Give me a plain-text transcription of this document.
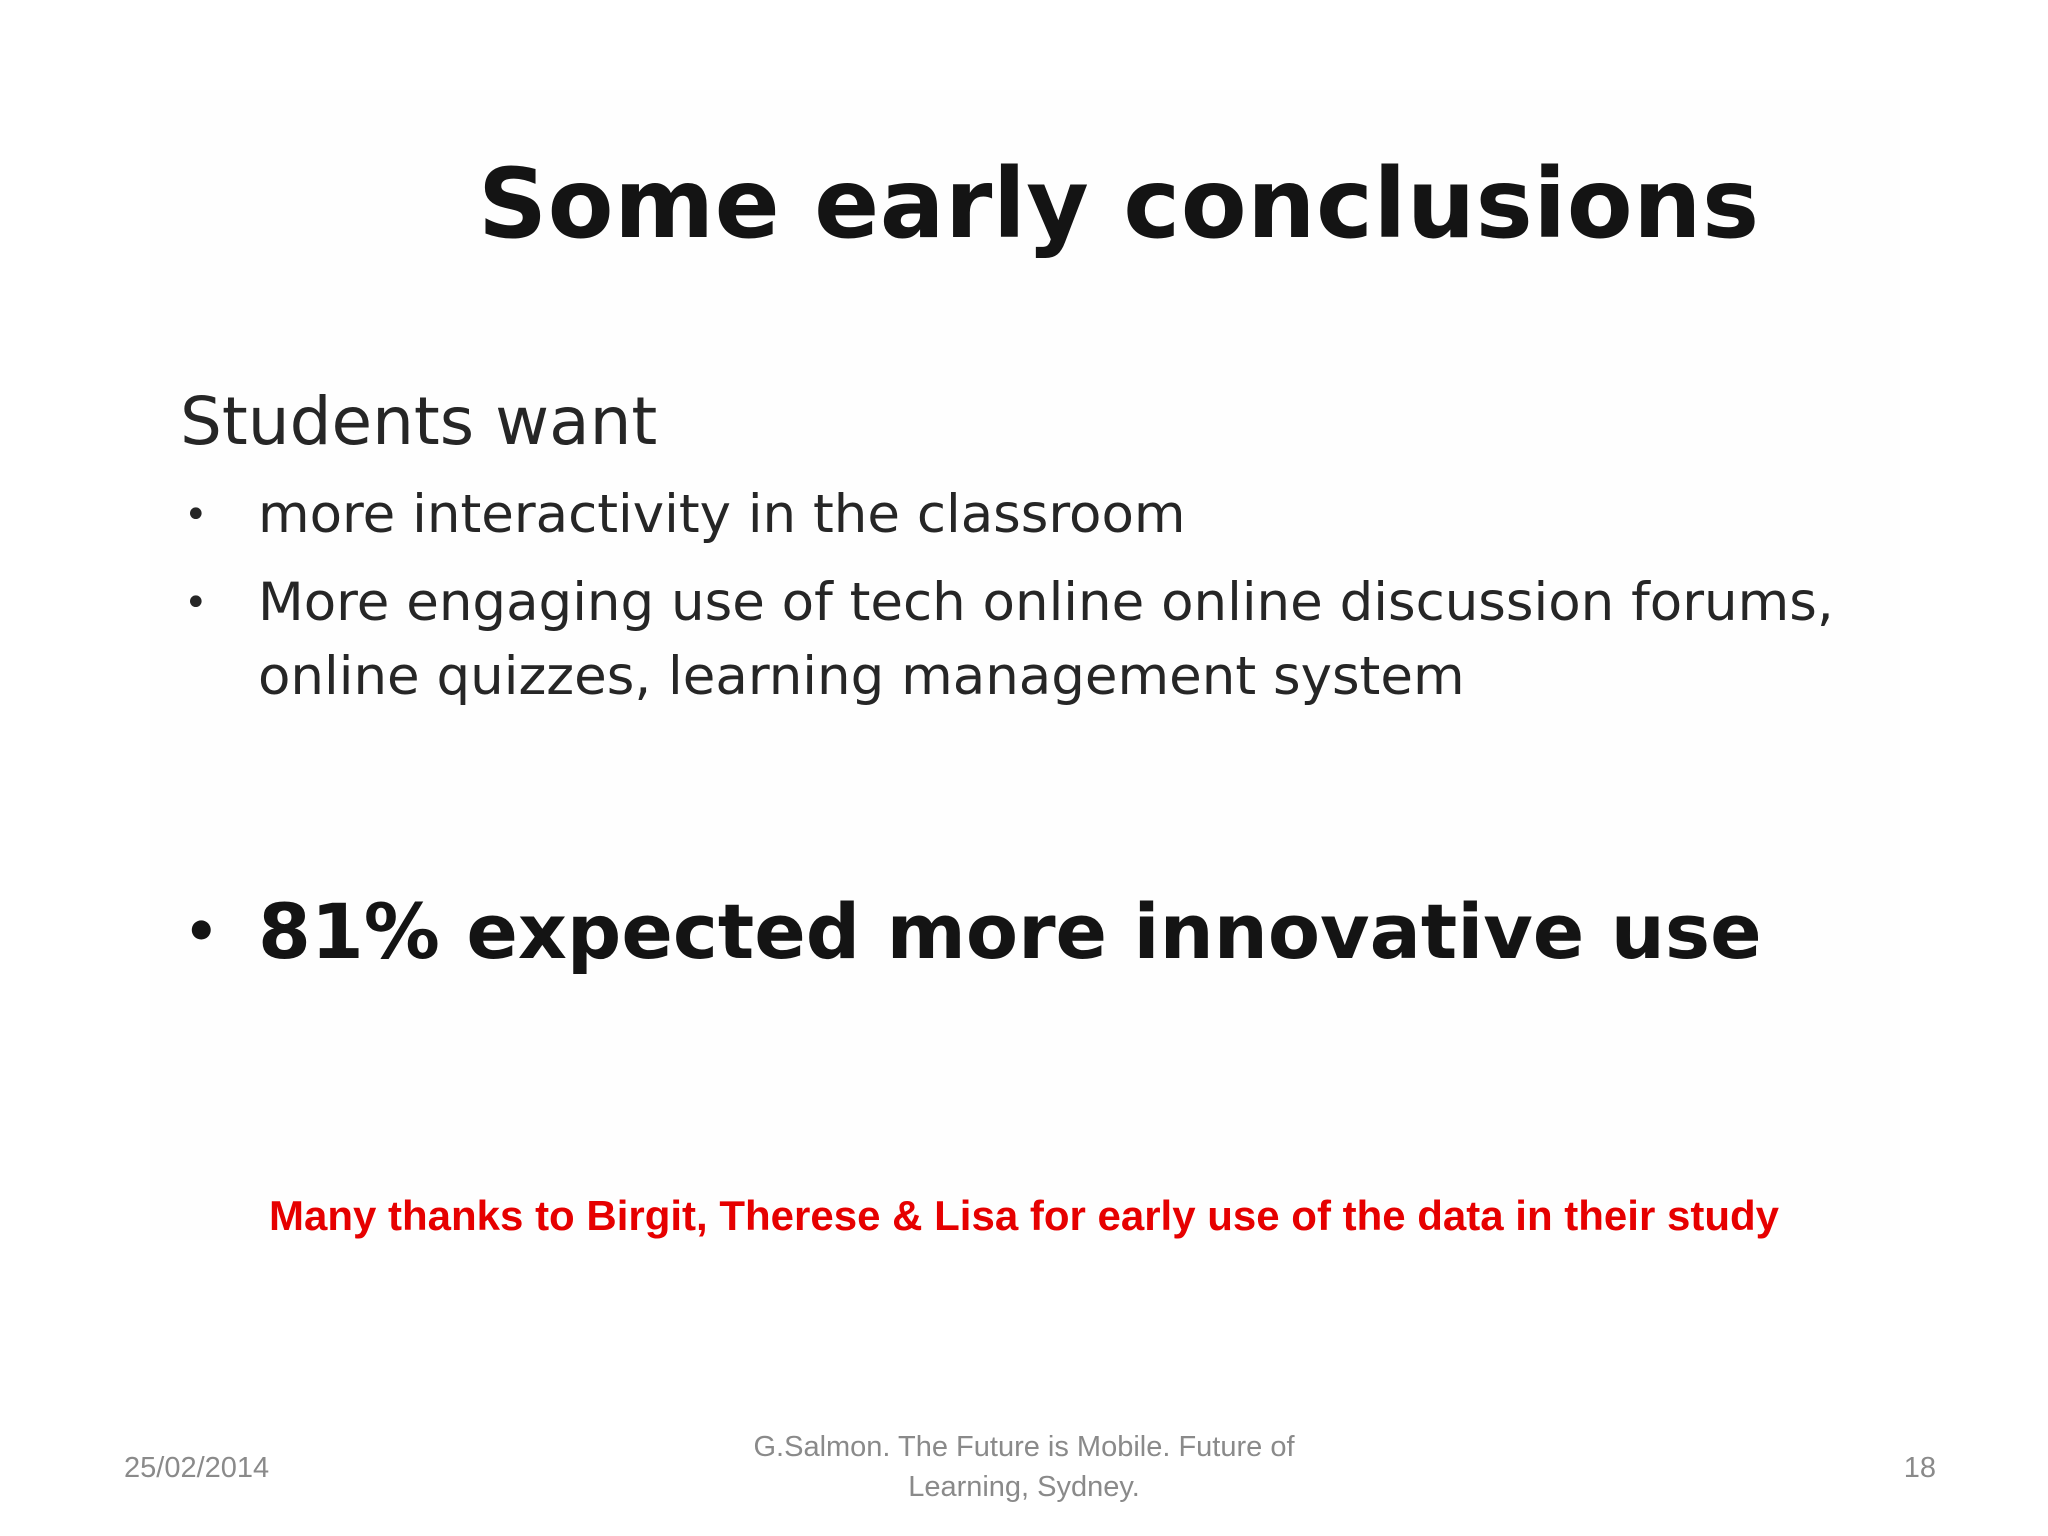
Some early conclusions

Students want

• more interactivity in the classroom
• More engaging use of tech online online discussion forums, online quizzes, learning management system

• 81% expected more innovative use

Many thanks to Birgit, Therese & Lisa for early use of the data in their study

25/02/2014
G.Salmon. The Future is Mobile. Future of
Learning, Sydney.
18
